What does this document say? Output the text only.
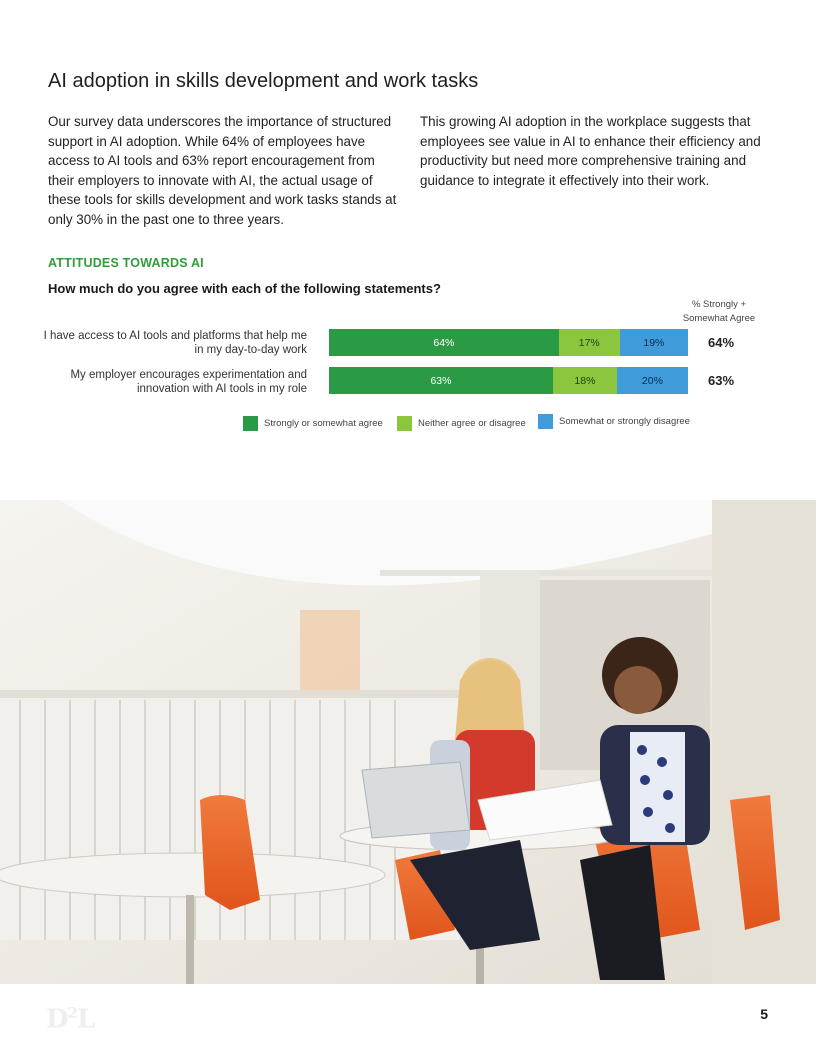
AI adoption in skills development and work tasks

Our survey data underscores the importance of structured support in AI adoption. While 64% of employees have access to AI tools and 63% report encouragement from their employers to innovate with AI, the actual usage of these tools for skills development and work tasks stands at only 30% in the past one to three years.

This growing AI adoption in the workplace suggests that employees see value in AI to enhance their efficiency and productivity but need more comprehensive training and guidance to integrate it effectively into their work.

ATTITUDES TOWARDS AI
How much do you agree with each of the following statements?
% Strongly + Somewhat Agree
I have access to AI tools and platforms that help me in my day-to-day work
64%	17%	19%	64%
My employer encourages experimentation and innovation with AI tools in my role
63%	18%	20%	63%
Strongly or somewhat agree	Neither agree or disagree	Somewhat or strongly disagree
$D^2L$	5
